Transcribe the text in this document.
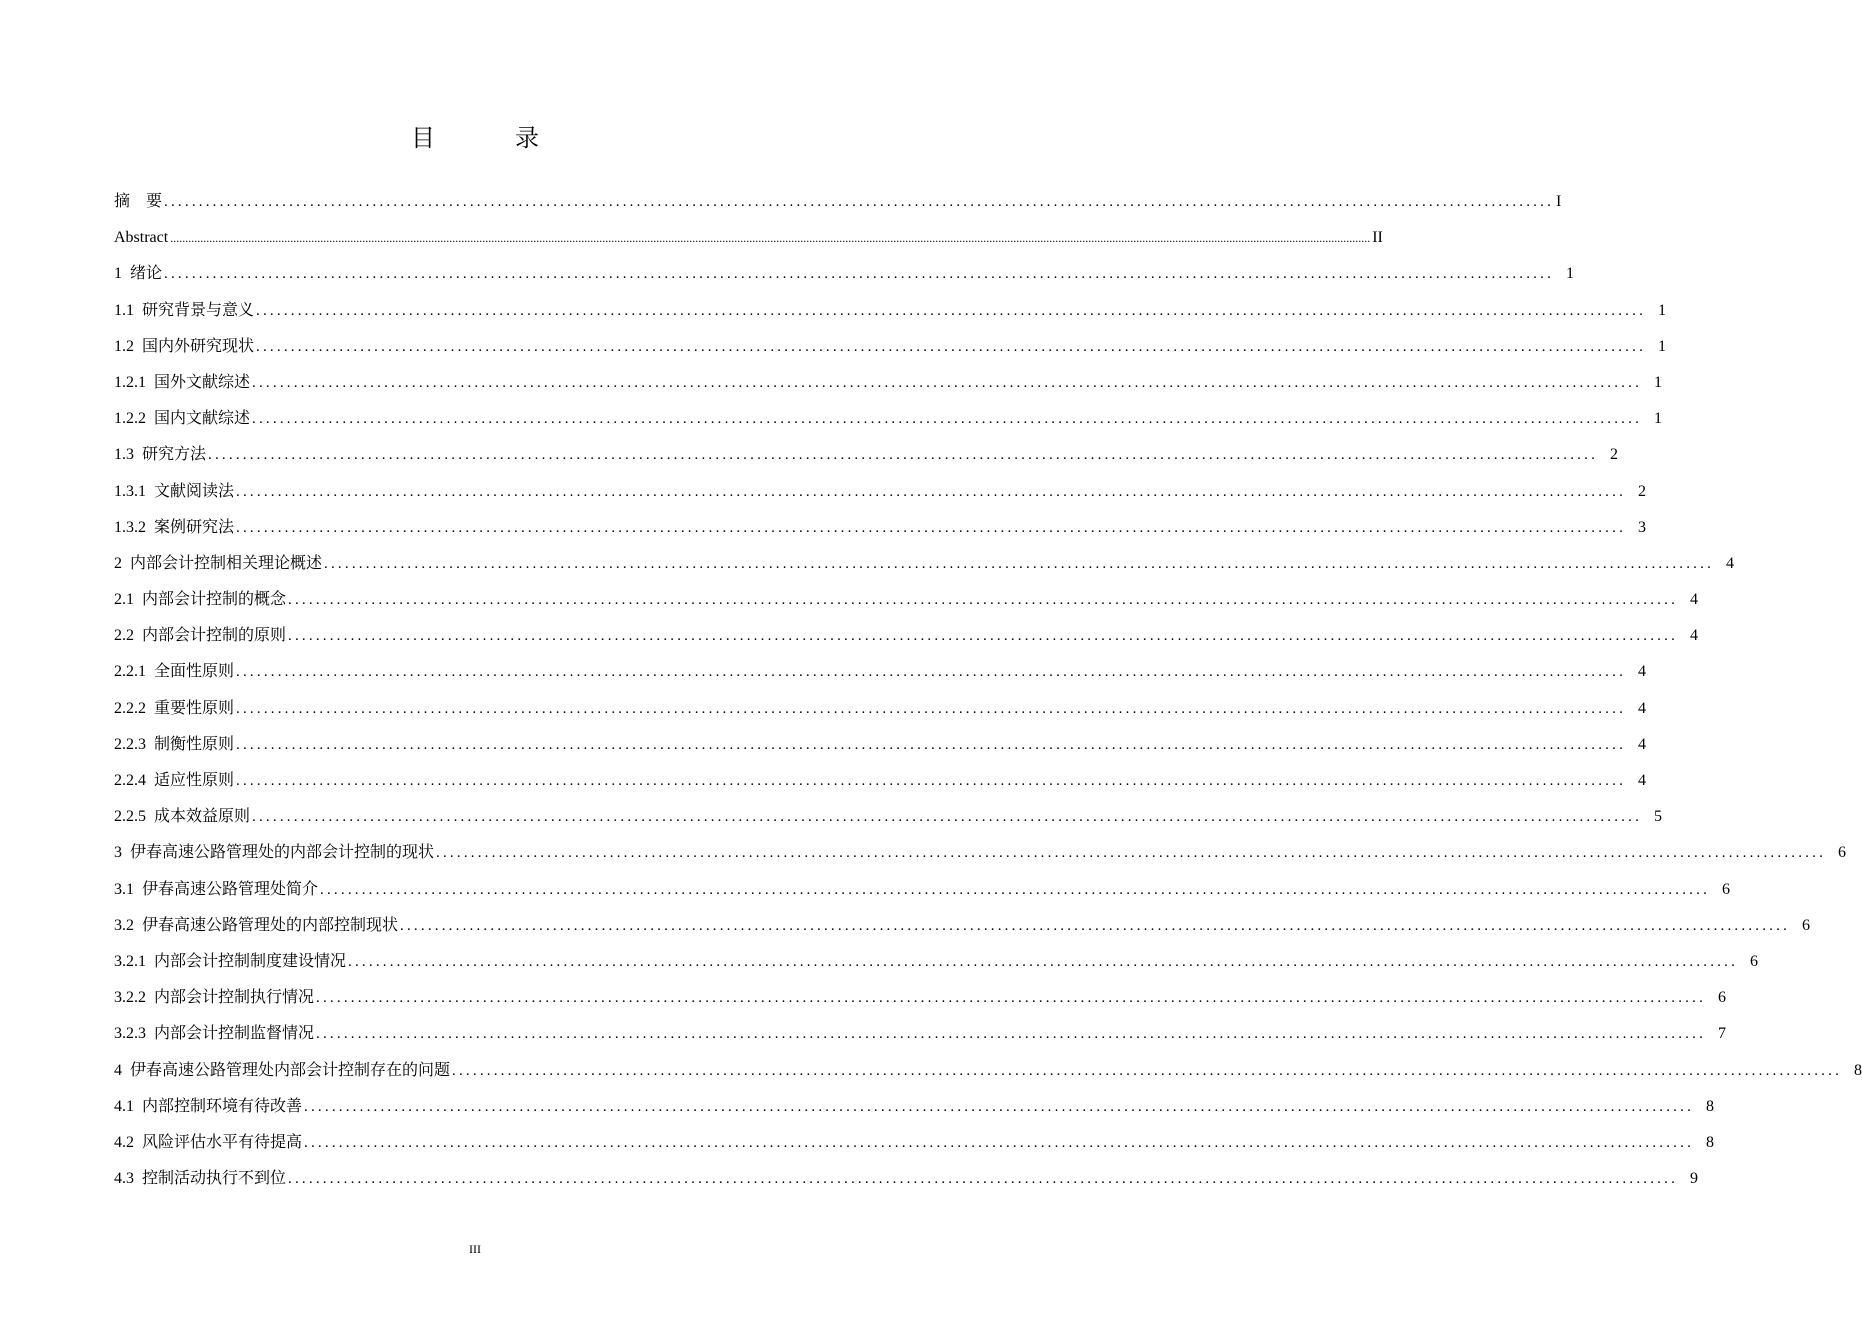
目　录
摘　要 ........................................................................................................................................................................................................ I
Abstract ................................................................................................................................................................................................................................................................................................................................................................................................................ II
1 绪论 ........................................................................................................................................................................................................ 1
1.1 研究背景与意义 ........................................................................................................................................................................................................ 1
1.2 国内外研究现状 ........................................................................................................................................................................................................ 1
1.2.1 国外文献综述 ........................................................................................................................................................................................................ 1
1.2.2 国内文献综述 ........................................................................................................................................................................................................ 1
1.3 研究方法 ........................................................................................................................................................................................................ 2
1.3.1 文献阅读法 ........................................................................................................................................................................................................ 2
1.3.2 案例研究法 ........................................................................................................................................................................................................ 3
2 内部会计控制相关理论概述 ........................................................................................................................................................................................................ 4
2.1 内部会计控制的概念 ........................................................................................................................................................................................................ 4
2.2 内部会计控制的原则 ........................................................................................................................................................................................................ 4
2.2.1 全面性原则 ........................................................................................................................................................................................................ 4
2.2.2 重要性原则 ........................................................................................................................................................................................................ 4
2.2.3 制衡性原则 ........................................................................................................................................................................................................ 4
2.2.4 适应性原则 ........................................................................................................................................................................................................ 4
2.2.5 成本效益原则 ........................................................................................................................................................................................................ 5
3 伊春高速公路管理处的内部会计控制的现状 ........................................................................................................................................................................................................ 6
3.1 伊春高速公路管理处简介 ........................................................................................................................................................................................................ 6
3.2 伊春高速公路管理处的内部控制现状 ........................................................................................................................................................................................................ 6
3.2.1 内部会计控制制度建设情况 ........................................................................................................................................................................................................ 6
3.2.2 内部会计控制执行情况 ........................................................................................................................................................................................................ 6
3.2.3 内部会计控制监督情况 ........................................................................................................................................................................................................ 7
4 伊春高速公路管理处内部会计控制存在的问题 ........................................................................................................................................................................................................ 8
4.1 内部控制环境有待改善 ........................................................................................................................................................................................................ 8
4.2 风险评估水平有待提高 ........................................................................................................................................................................................................ 8
4.3 控制活动执行不到位 ........................................................................................................................................................................................................ 9
III
